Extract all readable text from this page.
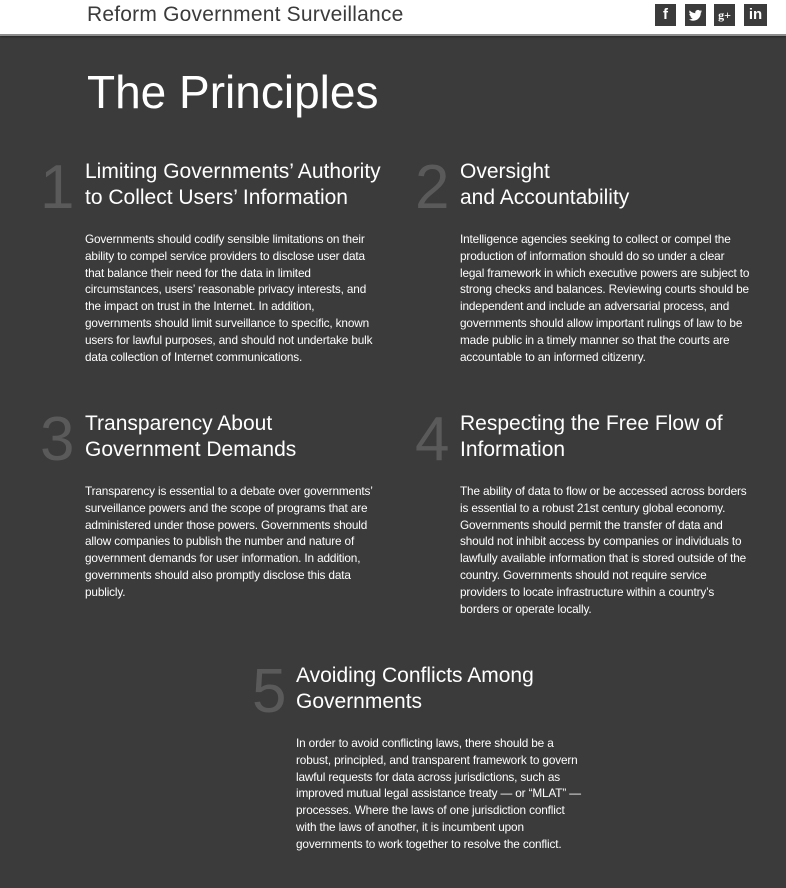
Reform Government Surveillance	f	g+	in
The Principles
1 Limiting Governments’ Authority
to Collect Users’ Information

Governments should codify sensible limitations on their
ability to compel service providers to disclose user data
that balance their need for the data in limited
circumstances, users’ reasonable privacy interests, and
the impact on trust in the Internet. In addition,
governments should limit surveillance to specific, known
users for lawful purposes, and should not undertake bulk
data collection of Internet communications.

2 Oversight
and Accountability

Intelligence agencies seeking to collect or compel the
production of information should do so under a clear
legal framework in which executive powers are subject to
strong checks and balances. Reviewing courts should be
independent and include an adversarial process, and
governments should allow important rulings of law to be
made public in a timely manner so that the courts are
accountable to an informed citizenry.

3 Transparency About
Government Demands

Transparency is essential to a debate over governments’
surveillance powers and the scope of programs that are
administered under those powers. Governments should
allow companies to publish the number and nature of
government demands for user information. In addition,
governments should also promptly disclose this data
publicly.

4 Respecting the Free Flow of
Information

The ability of data to flow or be accessed across borders
is essential to a robust 21st century global economy.
Governments should permit the transfer of data and
should not inhibit access by companies or individuals to
lawfully available information that is stored outside of the
country. Governments should not require service
providers to locate infrastructure within a country’s
borders or operate locally.

5 Avoiding Conflicts Among
Governments

In order to avoid conflicting laws, there should be a
robust, principled, and transparent framework to govern
lawful requests for data across jurisdictions, such as
improved mutual legal assistance treaty — or “MLAT” —
processes. Where the laws of one jurisdiction conflict
with the laws of another, it is incumbent upon
governments to work together to resolve the conflict.
